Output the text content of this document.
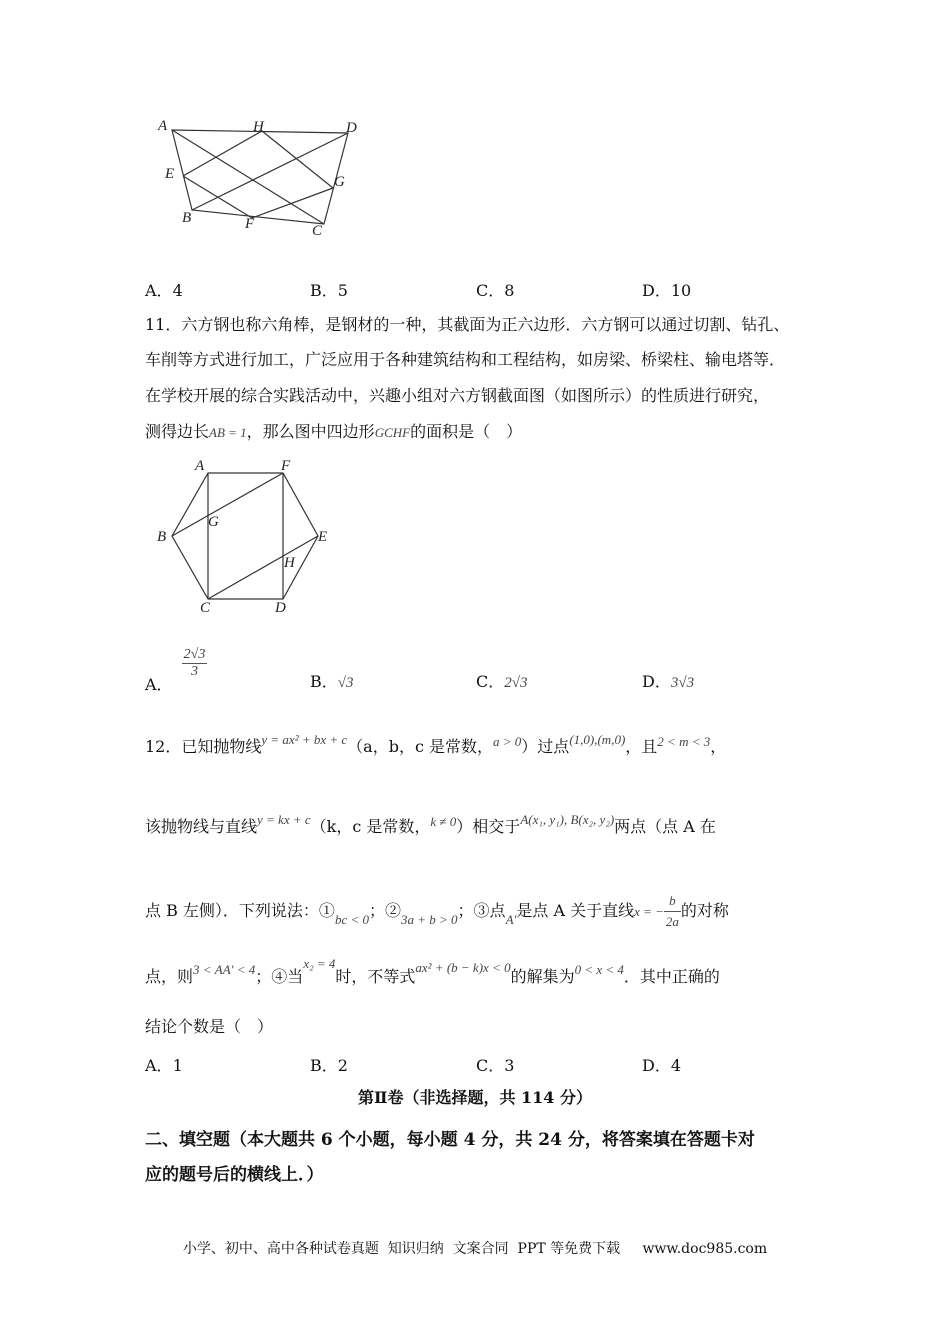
A	H	D
E	G
B	F	C
A．4	B．5	C．8	D．10
11．六方钢也称六角棒，是钢材的一种，其截面为正六边形．六方钢可以通过切割、钻孔、
车削等方式进行加工，广泛应用于各种建筑结构和工程结构，如房梁、桥梁柱、输电塔等．
在学校开展的综合实践活动中，兴趣小组对六方钢截面图（如图所示）的性质进行研究，
测得边长AB = 1，那么图中四边形GCHF的面积是（　）
A	F
B
G
E
H
C	D
A．
$\frac{2√3}{3}$
B．√3	C．2√3	D．3√3
12．已知抛物线$^{y = ax^2 + bx + c}$（a，b，c 是常数，$^{a > 0}$）过点$^{(1,0),(m,0)}$，且$^{2 < m < 3}$，
该抛物线与直线$^{y = kx + c}$（k，c 是常数，$^{k \ne 0}$）相交于$^{A(x_1, y_1), B(x_2, y_2)}$两点（点 A 在
点 B 左侧）．下列说法：$①_{bc < 0}$；$②_{3a + b > 0}$；③点$_{A'}$是点 A 关于直线x = − $\frac{b}{2a}$ 的对称
点，则$^{3 < AA' < 4}$；④当$^{x_2 = 4}$时，不等式$^{ax^2 + (b - k)x < 0}$的解集为$^{0 < x < 4}$．其中正确的
结论个数是（　）
A．1	B．2	C．3	D．4
第Ⅱ卷（非选择题，共 114 分）
二、填空题（本大题共 6 个小题，每小题 4 分，共 24 分，将答案填在答题卡对
应的题号后的横线上．）
小学、初中、高中各种试卷真题  知识归纳  文案合同  PPT 等免费下载     www.doc985.com
